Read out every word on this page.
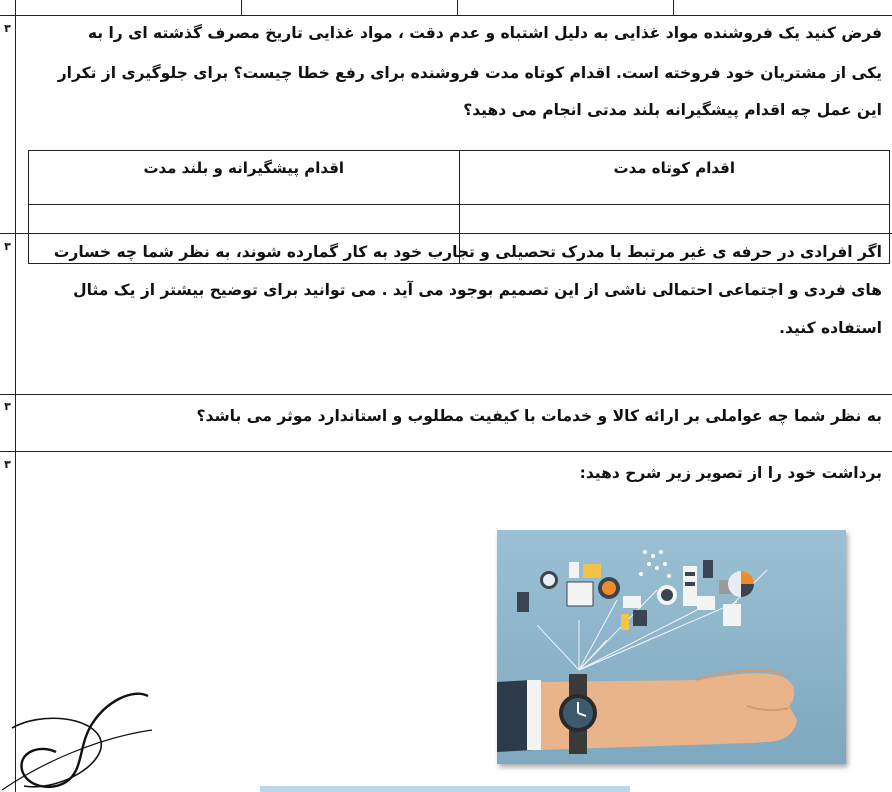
۳
۳
۳
۳

فرض کنید یک فروشنده مواد غذایی به دلیل اشتباه و عدم دقت ، مواد غذایی تاریخ مصرف گذشته ای را به

یکی از مشتریان خود فروخته است. اقدام کوتاه مدت فروشنده برای رفع خطا چیست؟ برای جلوگیری از تکرار

این عمل چه اقدام پیشگیرانه بلند مدتی انجام می دهید؟

اقدام کوتاه مدت	اقدام پیشگیرانه و بلند مدت

اگر افرادی در حرفه ی غیر مرتبط با مدرک تحصیلی و تجارب خود به کار گمارده شوند، به نظر شما چه خسارت

های فردی و اجتماعی احتمالی ناشی از این تصمیم بوجود می آید . می توانید برای توضیح بیشتر از یک مثال

استفاده کنید.

به نظر شما چه عواملی بر ارائه کالا و خدمات با کیفیت مطلوب و استاندارد موثر می باشد؟

برداشت خود را از تصویر زیر شرح دهید:
